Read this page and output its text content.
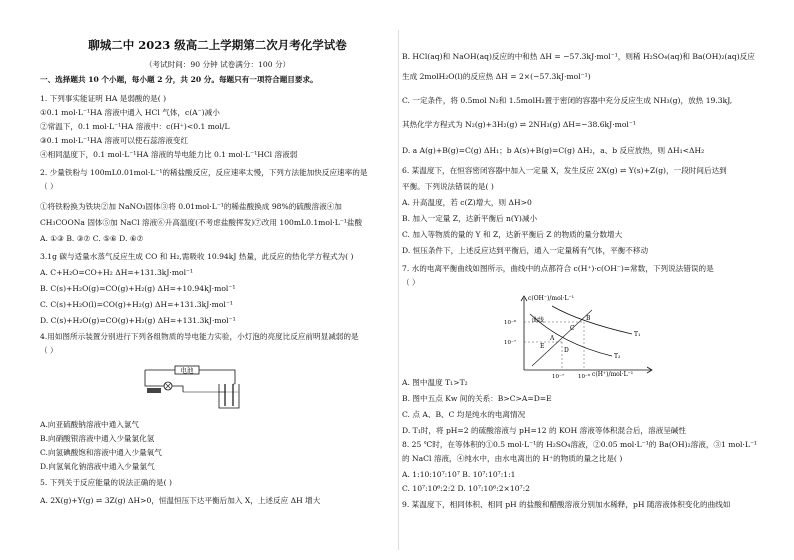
聊城二中 2023 级高二上学期第二次月考化学试卷
（考试时间：90 分钟 试卷满分：100 分）
一、选择题共 10 个小题，每小题 2 分，共 20 分。每题只有一项符合题目要求。
1. 下列事实能证明 HA 是弱酸的是( )
①0.1 mol·L⁻¹HA 溶液中通入 HCl 气体，c(A⁻)减小
②常温下，0.1 mol·L⁻¹HA 溶液中：c(H⁺)<0.1 mol/L
③0.1 mol·L⁻¹HA 溶液可以使石蕊溶液变红
④相同温度下，0.1 mol·L⁻¹HA 溶液的导电能力比 0.1 mol·L⁻¹HCl 溶液弱
2. 少量铁粉与 100mL0.01mol·L⁻¹的稀盐酸反应，反应速率太慢，下列方法能加快反应速率的是
（ ）
①将铁粉换为铁块②加 NaNO₃固体③将 0.01mol·L⁻¹的稀盐酸换成 98%的硫酸溶液④加
CH₃COONa 固体⑤加 NaCl 溶液⑥升高温度(不考虑盐酸挥发)⑦改用 100mL0.1mol·L⁻¹盐酸
A. ①③ B. ③⑦ C. ⑤⑥ D. ⑥⑦
3.1g 碳与适量水蒸气反应生成 CO 和 H₂,需吸收 10.94kJ 热量，此反应的热化学方程式为( )
A. C+H₂O=CO+H₂ ΔH=+131.3kJ·mol⁻¹
B. C(s)+H₂O(g)=CO(g)+H₂(g) ΔH=+10.94kJ·mol⁻¹
C. C(s)+H₂O(l)=CO(g)+H₂(g) ΔH=+131.3kJ·mol⁻¹
D. C(s)+H₂O(g)=CO(g)+H₂(g) ΔH=+131.3kJ·mol⁻¹
4.用如图所示装置分别进行下列各组物质的导电能力实验，小灯泡的亮度比反应前明显减弱的是
（ ）
电池
A.向亚硫酸钠溶液中通入氯气
B.向硝酸银溶液中通入少量氯化氢
C.向氢碘酸饱和溶液中通入少量氧气
D.向氢氧化钠溶液中通入少量氯气
5. 下列关于反应能量的说法正确的是( )
A. 2X(g)+Y(g) ⇌ 3Z(g) ΔH>0，恒温恒压下达平衡后加入 X，上述反应 ΔH 增大
B. HCl(aq)和 NaOH(aq)反应的中和热 ΔH = −57.3kJ·mol⁻¹，则稀 H₂SO₄(aq)和 Ba(OH)₂(aq)反应
生成 2molH₂O(l)的反应热 ΔH = 2×(−57.3kJ·mol⁻¹)
C. 一定条件，将 0.5mol N₂和 1.5molH₂置于密闭的容器中充分反应生成 NH₃(g)，放热 19.3kJ,
其热化学方程式为 N₂(g)+3H₂(g) ⇌ 2NH₃(g) ΔH=−38.6kJ·mol⁻¹
D. a A(g)+B(g)=C(g) ΔH₁；b A(s)+B(g)=C(g) ΔH₂，a、b 反应放热，则 ΔH₁<ΔH₂
6. 某温度下，在恒容密闭容器中加入一定量 X，发生反应 2X(g) ⇌ Y(s)+Z(g)，一段时间后达到
平衡。下列说法错误的是( )
A. 升高温度，若 c(Z)增大，则 ΔH>0
B. 加入一定量 Z，达新平衡后 n(Y)减小
C. 加入等物质的量的 Y 和 Z，达新平衡后 Z 的物质的量分数增大
D. 恒压条件下，上述反应达到平衡后，通入一定量稀有气体，平衡不移动
7. 水的电离平衡曲线如图所示，曲线中的点都符合 c(H⁺)·c(OH⁻)=常数，下列说法错误的是
（ ）
c(OH⁻)/mol·L⁻¹
c(H⁺)/mol·L⁻¹
曲线
T₁
T₂
A
B
C
D
E
10⁻⁶
10⁻⁷
10⁻⁷	10⁻⁶
A. 图中温度 T₁>T₂
B. 图中五点 Kw 间的关系：B>C>A=D=E
C. 点 A、B、C 均是纯水的电离情况
D. T₁时，将 pH=2 的硫酸溶液与 pH=12 的 KOH 溶液等体积混合后，溶液呈碱性
8. 25 ℃时，在等体积的①0.5 mol·L⁻¹的 H₂SO₄溶液，②0.05 mol·L⁻¹的 Ba(OH)₂溶液，③1 mol·L⁻¹
的 NaCl 溶液，④纯水中，由水电离出的 H⁺的物质的量之比是( )
A. 1:10:10⁷:10⁷ B. 10⁷:10⁷:1:1
C. 10⁷:10⁶:2:2 D. 10⁷:10⁶:2×10⁷:2
9. 某温度下，相同体积、相同 pH 的盐酸和醋酸溶液分别加水稀释，pH 随溶液体积变化的曲线如
